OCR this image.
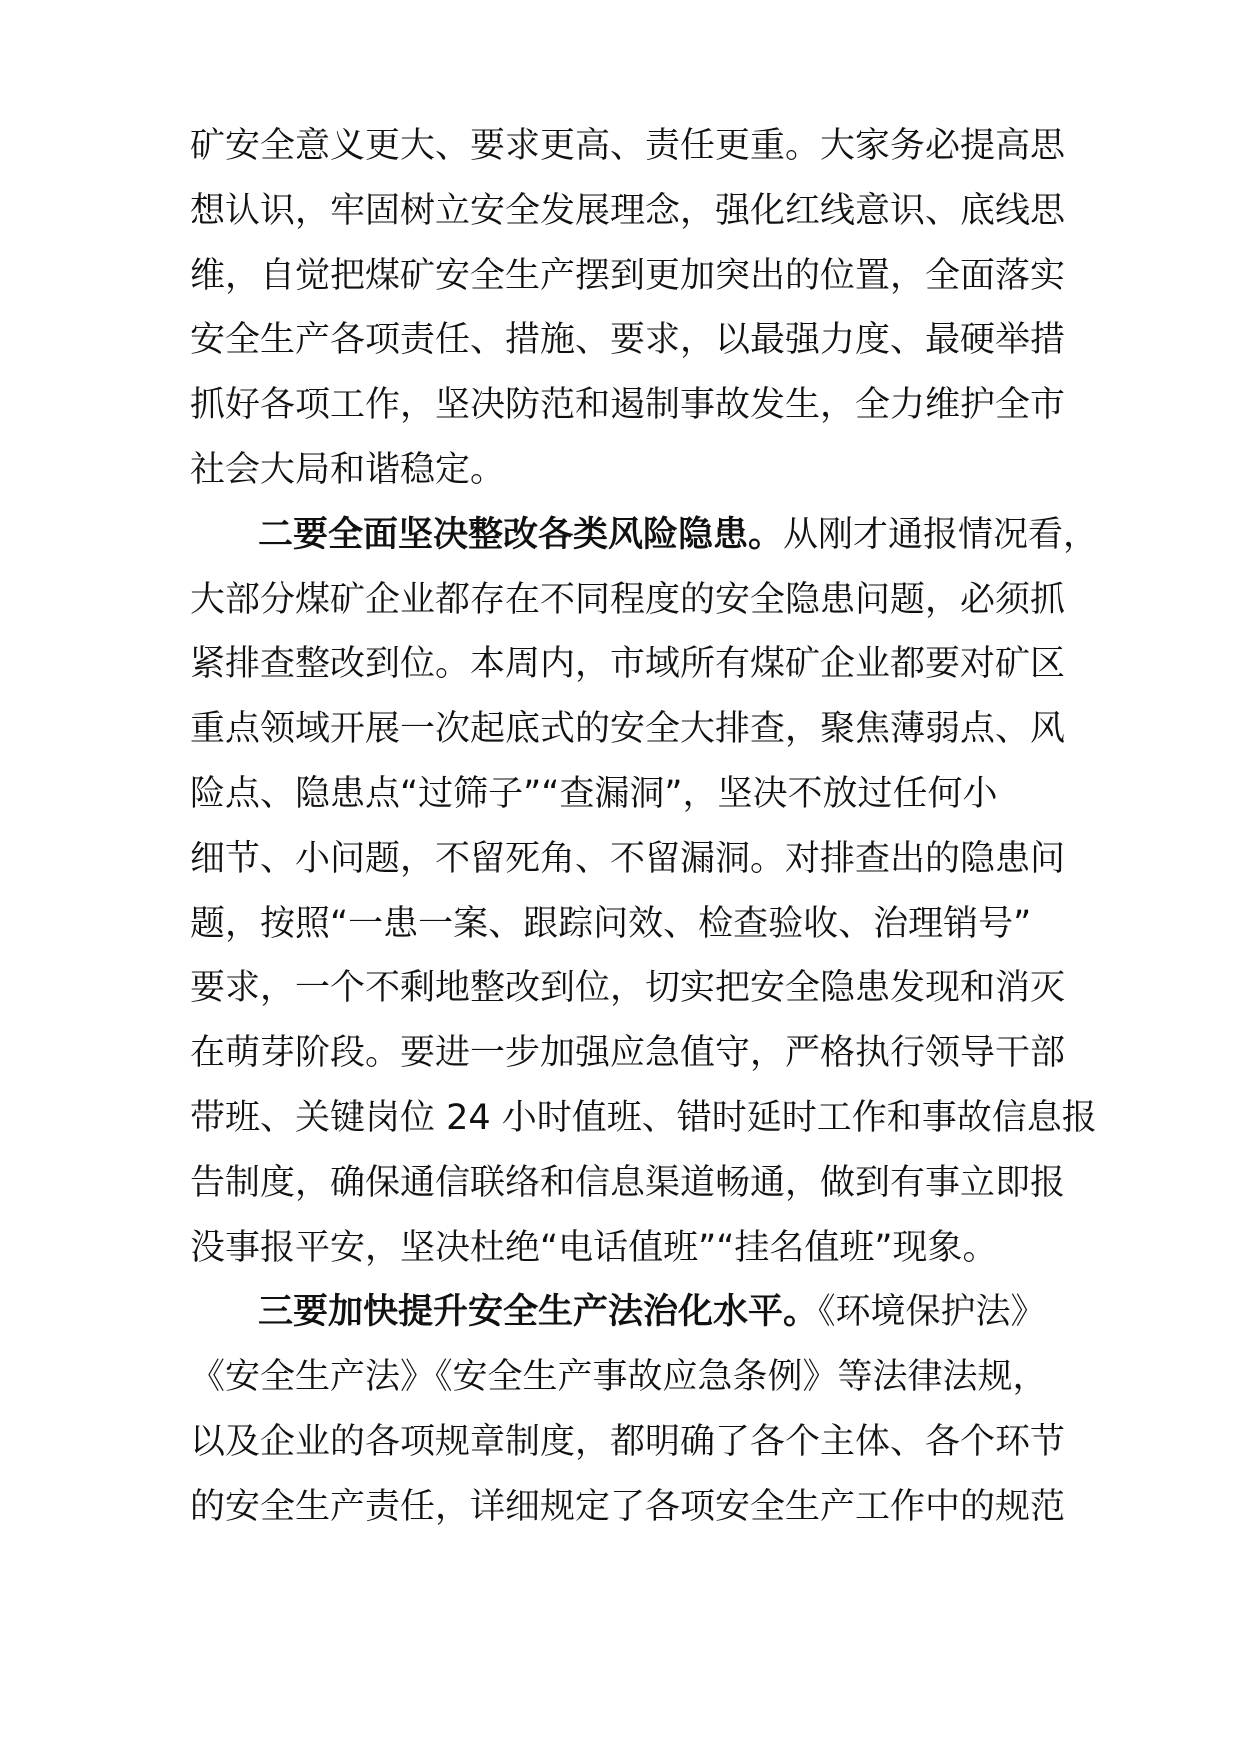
矿安全意义更大、要求更高、责任更重。大家务必提高思
想认识，牢固树立安全发展理念，强化红线意识、底线思
维，自觉把煤矿安全生产摆到更加突出的位置，全面落实
安全生产各项责任、措施、要求，以最强力度、最硬举措
抓好各项工作，坚决防范和遏制事故发生，全力维护全市
社会大局和谐稳定。
二要全面坚决整改各类风险隐患。从刚才通报情况看，
大部分煤矿企业都存在不同程度的安全隐患问题，必须抓
紧排查整改到位。本周内，市域所有煤矿企业都要对矿区
重点领域开展一次起底式的安全大排查，聚焦薄弱点、风
险点、隐患点“过筛子”“查漏洞”，坚决不放过任何小
细节、小问题，不留死角、不留漏洞。对排查出的隐患问
题，按照“一患一案、跟踪问效、检查验收、治理销号”
要求，一个不剩地整改到位，切实把安全隐患发现和消灭
在萌芽阶段。要进一步加强应急值守，严格执行领导干部
带班、关键岗位 24 小时值班、错时延时工作和事故信息报
告制度，确保通信联络和信息渠道畅通，做到有事立即报
没事报平安，坚决杜绝“电话值班”“挂名值班”现象。
三要加快提升安全生产法治化水平。《环境保护法》
《安全生产法》《安全生产事故应急条例》等法律法规，
以及企业的各项规章制度，都明确了各个主体、各个环节
的安全生产责任，详细规定了各项安全生产工作中的规范
